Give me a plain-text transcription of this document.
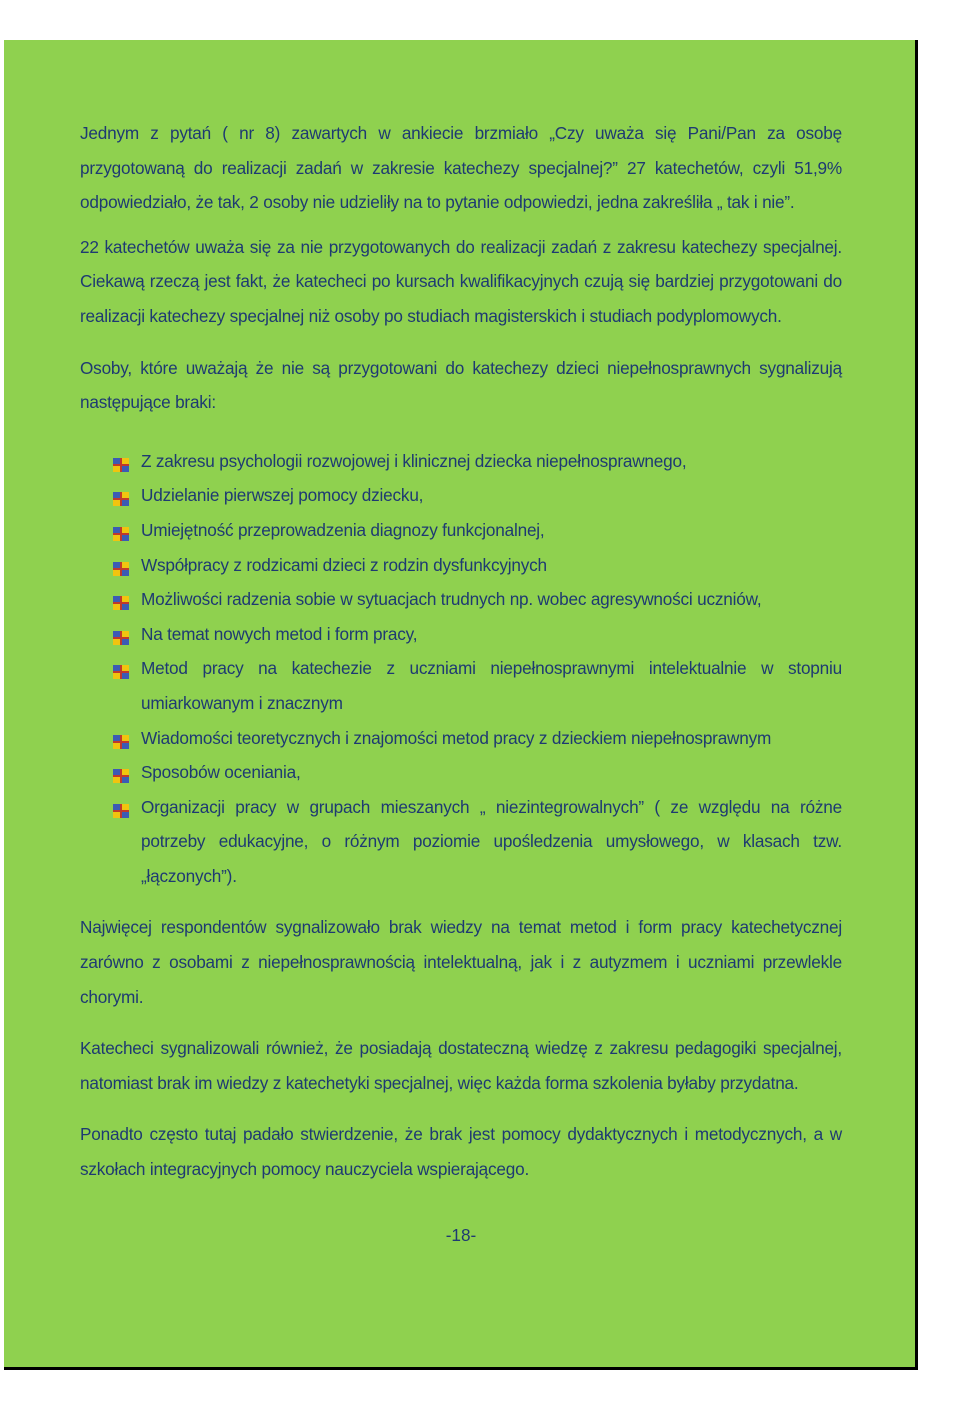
Jednym z pytań ( nr 8) zawartych w ankiecie brzmiało „Czy uważa się Pani/Pan za osobę przygotowaną do realizacji zadań w zakresie katechezy specjalnej?” 27 katechetów, czyli 51,9% odpowiedziało, że tak, 2 osoby nie udzieliły na to pytanie odpowiedzi, jedna zakreśliła „ tak i nie”.

22 katechetów uważa się za nie przygotowanych do realizacji zadań z zakresu katechezy specjalnej. Ciekawą rzeczą jest fakt, że katecheci po kursach kwalifikacyjnych czują się bardziej przygotowani do realizacji katechezy specjalnej niż osoby po studiach magisterskich i studiach podyplomowych.

Osoby, które uważają że nie są przygotowani do katechezy dzieci niepełnosprawnych sygnalizują następujące braki:

Z zakresu psychologii rozwojowej i klinicznej dziecka niepełnosprawnego,
Udzielanie pierwszej pomocy dziecku,
Umiejętność przeprowadzenia diagnozy funkcjonalnej,
Współpracy z rodzicami dzieci z rodzin dysfunkcyjnych
Możliwości radzenia sobie w sytuacjach trudnych np. wobec agresywności uczniów,
Na temat nowych metod i form pracy,
Metod pracy na katechezie z uczniami niepełnosprawnymi intelektualnie w stopniu umiarkowanym i znacznym
Wiadomości teoretycznych i znajomości metod pracy z dzieckiem niepełnosprawnym
Sposobów oceniania,
Organizacji pracy w grupach mieszanych „ niezintegrowalnych” ( ze względu na różne potrzeby edukacyjne, o różnym poziomie upośledzenia umysłowego, w klasach tzw. „łączonych”).

Najwięcej respondentów sygnalizowało brak wiedzy na temat metod i form pracy katechetycznej zarówno z osobami z niepełnosprawnością intelektualną, jak i z autyzmem i uczniami przewlekle chorymi.

Katecheci sygnalizowali również, że posiadają dostateczną wiedzę z zakresu pedagogiki specjalnej, natomiast brak im wiedzy z katechetyki specjalnej, więc każda forma szkolenia byłaby przydatna.

Ponadto często tutaj padało stwierdzenie, że brak jest pomocy dydaktycznych i metodycznych, a w szkołach integracyjnych pomocy nauczyciela wspierającego.

-18-
